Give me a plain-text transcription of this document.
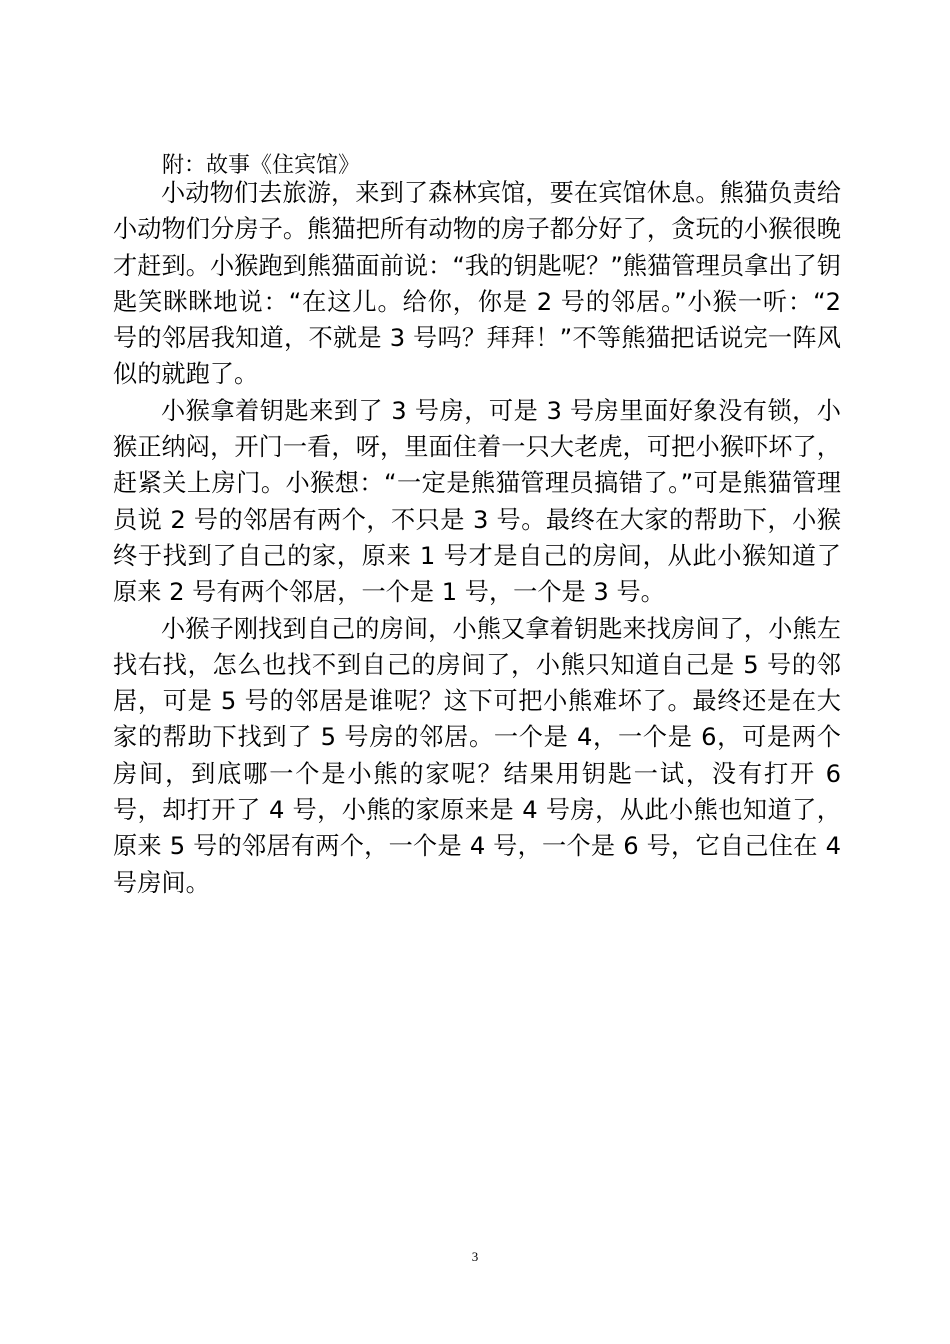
附：故事《住宾馆》

小动物们去旅游，来到了森林宾馆，要在宾馆休息。熊猫负责给小动物们分房子。熊猫把所有动物的房子都分好了，贪玩的小猴很晚才赶到。小猴跑到熊猫面前说：“我的钥匙呢？”熊猫管理员拿出了钥匙笑眯眯地说：“在这儿。给你，你是 2 号的邻居。”小猴一听：“2 号的邻居我知道，不就是 3 号吗？拜拜！”不等熊猫把话说完一阵风似的就跑了。

小猴拿着钥匙来到了 3 号房，可是 3 号房里面好象没有锁，小猴正纳闷，开门一看，呀，里面住着一只大老虎，可把小猴吓坏了，赶紧关上房门。小猴想：“一定是熊猫管理员搞错了。”可是熊猫管理员说 2 号的邻居有两个，不只是 3 号。最终在大家的帮助下，小猴终于找到了自己的家，原来 1 号才是自己的房间，从此小猴知道了原来 2 号有两个邻居，一个是 1 号，一个是 3 号。

小猴子刚找到自己的房间，小熊又拿着钥匙来找房间了，小熊左找右找，怎么也找不到自己的房间了，小熊只知道自己是 5 号的邻居，可是 5 号的邻居是谁呢？这下可把小熊难坏了。最终还是在大家的帮助下找到了 5 号房的邻居。一个是 4，一个是 6，可是两个房间，到底哪一个是小熊的家呢？结果用钥匙一试，没有打开 6 号，却打开了 4 号，小熊的家原来是 4 号房，从此小熊也知道了，原来 5 号的邻居有两个，一个是 4 号，一个是 6 号，它自己住在 4 号房间。

3
